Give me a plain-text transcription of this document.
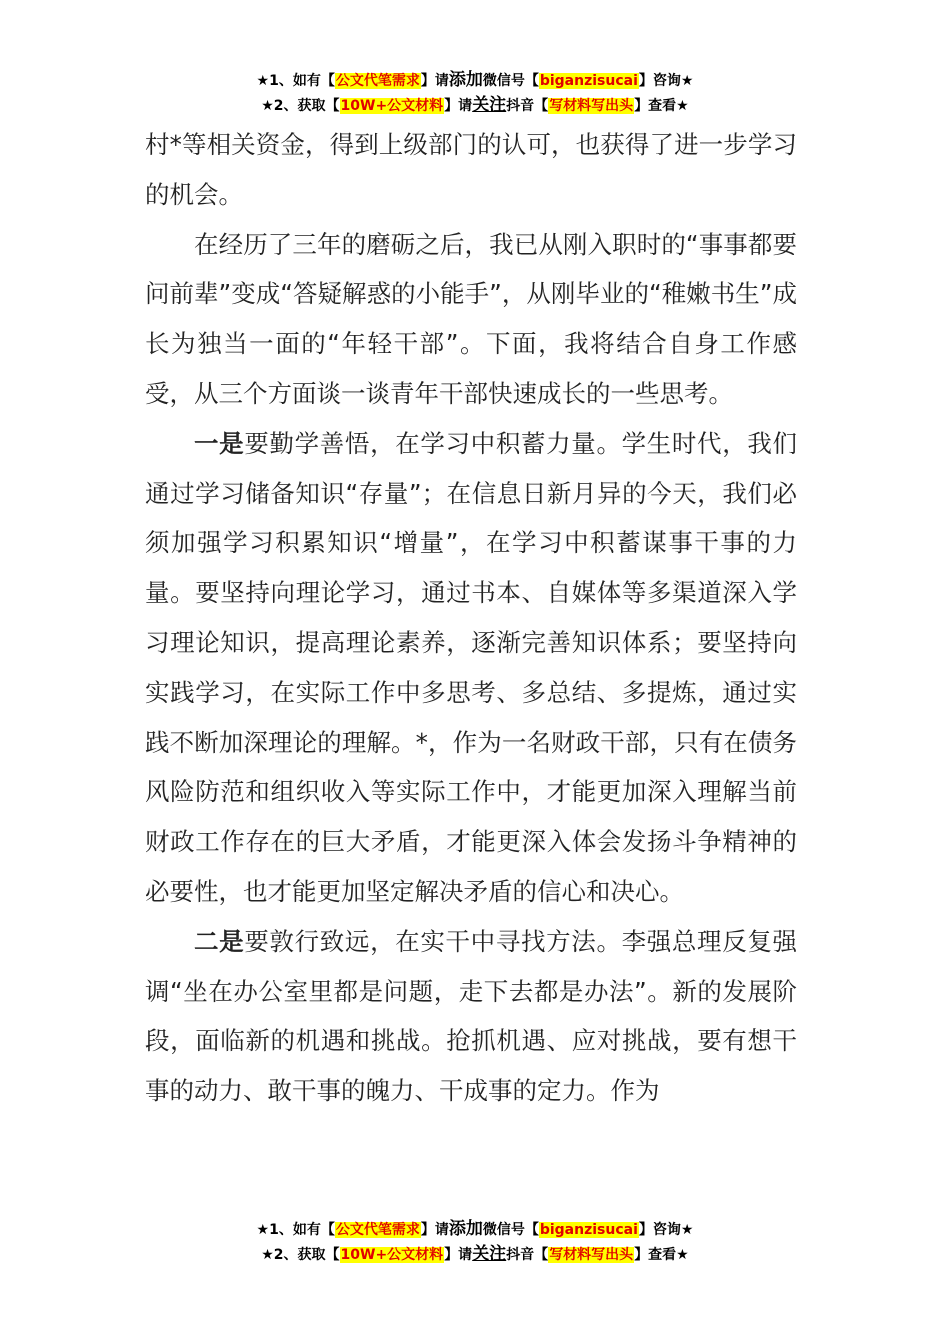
★1、如有【公文代笔需求】请添加微信号【biganzisucai】咨询★
★2、获取【10W+公文材料】请关注抖音【写材料写出头】查看★

村*等相关资金，得到上级部门的认可，也获得了进一步学习的机会。

在经历了三年的磨砺之后，我已从刚入职时的“事事都要问前辈”变成“答疑解惑的小能手”，从刚毕业的“稚嫩书生”成长为独当一面的“年轻干部”。下面，我将结合自身工作感受，从三个方面谈一谈青年干部快速成长的一些思考。

一是要勤学善悟，在学习中积蓄力量。学生时代，我们通过学习储备知识“存量”；在信息日新月异的今天，我们必须加强学习积累知识“增量”，在学习中积蓄谋事干事的力量。要坚持向理论学习，通过书本、自媒体等多渠道深入学习理论知识，提高理论素养，逐渐完善知识体系；要坚持向实践学习，在实际工作中多思考、多总结、多提炼，通过实践不断加深理论的理解。*，作为一名财政干部，只有在债务风险防范和组织收入等实际工作中，才能更加深入理解当前财政工作存在的巨大矛盾，才能更深入体会发扬斗争精神的必要性，也才能更加坚定解决矛盾的信心和决心。

二是要敦行致远，在实干中寻找方法。李强总理反复强调“坐在办公室里都是问题，走下去都是办法”。新的发展阶段，面临新的机遇和挑战。抢抓机遇、应对挑战，要有想干事的动力、敢干事的魄力、干成事的定力。作为

★1、如有【公文代笔需求】请添加微信号【biganzisucai】咨询★
★2、获取【10W+公文材料】请关注抖音【写材料写出头】查看★
